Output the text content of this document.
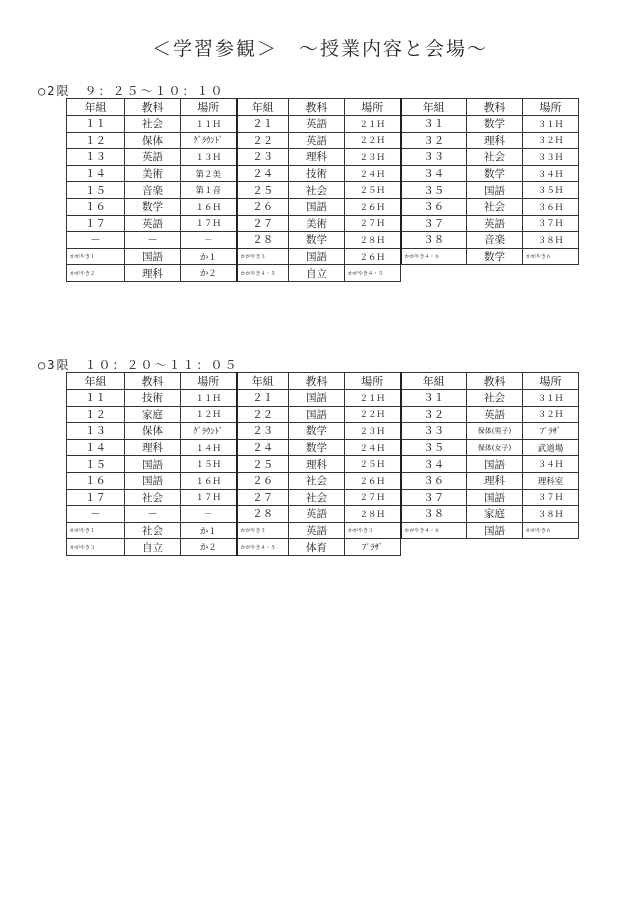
＜学習参観＞　～授業内容と会場～
○2限　９：２５～１０：１０
年組	教科	場所	年組	教科	場所	年組	教科	場所
１１	社会	１１Ｈ	２１	英語	２１Ｈ	３１	数学	３１Ｈ
１２	保体	ｸﾞﾗｳﾝﾄﾞ	２２	英語	２２Ｈ	３２	理科	３２Ｈ
１３	英語	１３Ｈ	２３	理科	２３Ｈ	３３	社会	３３Ｈ
１４	美術	第２美	２４	技術	２４Ｈ	３４	数学	３４Ｈ
１５	音楽	第１音	２５	社会	２５Ｈ	３５	国語	３５Ｈ
１６	数学	１６Ｈ	２６	国語	２６Ｈ	３６	社会	３６Ｈ
１７	英語	１７Ｈ	２７	美術	２７Ｈ	３７	英語	３７Ｈ
－	－	－	２８	数学	２８Ｈ	３８	音楽	３８Ｈ
かがやき１	国語	か１	かがやき３	国語	２６Ｈ	かがやき４・６	数学	かがやき６
かがやき２	理科	か２	かがやき４・５	自立	かがやき４・５			
○3限　１０：２０～１１：０５
年組	教科	場所	年組	教科	場所	年組	教科	場所
１１	技術	１１Ｈ	２１	国語	２１Ｈ	３１	社会	３１Ｈ
１２	家庭	１２Ｈ	２２	国語	２２Ｈ	３２	英語	３２Ｈ
１３	保体	ｸﾞﾗｳﾝﾄﾞ	２３	数学	２３Ｈ	３３	保体(男子)	ﾌﾟﾗｻﾞ
１４	理科	１４Ｈ	２４	数学	２４Ｈ	３５	保体(女子)	武道場
１５	国語	１５Ｈ	２５	理科	２５Ｈ	３４	国語	３４Ｈ
１６	国語	１６Ｈ	２６	社会	２６Ｈ	３６	理科	理科室
１７	社会	１７Ｈ	２７	社会	２７Ｈ	３７	国語	３７Ｈ
－	－	－	２８	英語	２８Ｈ	３８	家庭	３８Ｈ
かがやき１	社会	か１	かがやき３	英語	かがやき３	かがやき４・６	国語	かがやき６
かがやき３	自立	か２	かがやき４・５	体育	ﾌﾟﾗｻﾞ			
